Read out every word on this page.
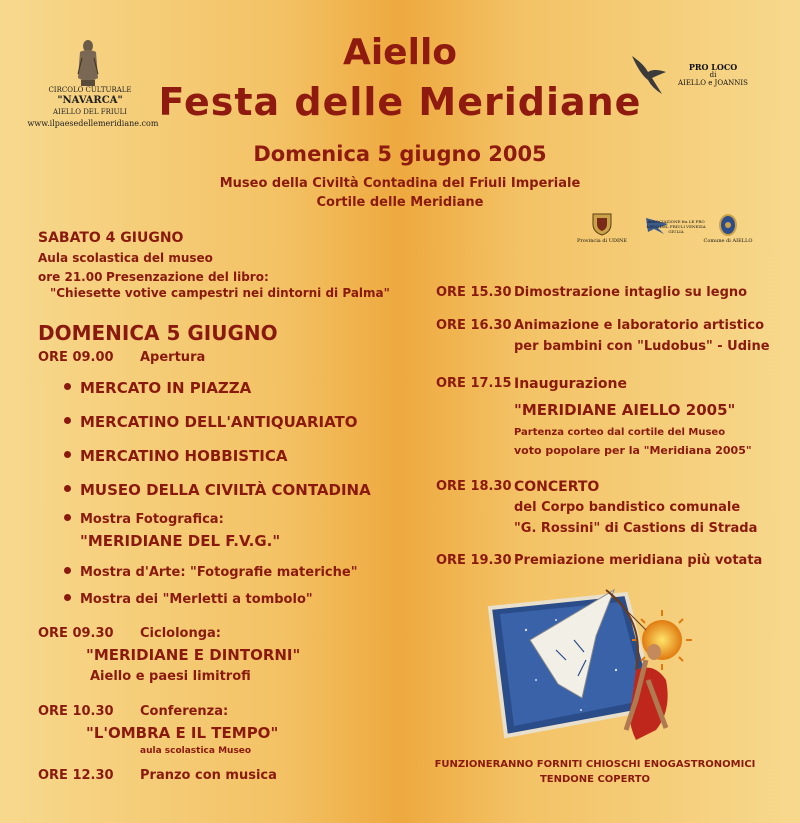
Aiello
Festa delle Meridiane
Domenica 5 giugno 2005
Museo della Civiltà Contadina del Friuli Imperiale
Cortile delle Meridiane
CIRCOLO CULTURALE
"NAVARCA"
AIELLO DEL FRIULI
www.ilpaesedellemeridiane.com
PRO LOCO
di
AIELLO e JOANNIS
Provincia di UDINE
ASSOCIAZIONE fra LE PRO LOCO DEL FRIULI VENEZIA GIULIA
Comune di AIELLO
SABATO 4 GIUGNO
Aula scolastica del museo
ore 21.00 Presenzazione del libro:
"Chiesette votive campestri nei dintorni di Palma"
DOMENICA 5 GIUGNO
ORE 09.00 Apertura
MERCATO IN PIAZZA
MERCATINO DELL'ANTIQUARIATO
MERCATINO HOBBISTICA
MUSEO DELLA CIVILTÀ CONTADINA
Mostra Fotografica:
"MERIDIANE DEL F.V.G."
Mostra d'Arte: "Fotografie materiche"
Mostra dei "Merletti a tombolo"
ORE 09.30 Ciclolonga:
"MERIDIANE E DINTORNI"
Aiello e paesi limitrofi
ORE 10.30 Conferenza:
"L'OMBRA E IL TEMPO"
aula scolastica Museo
ORE 12.30 Pranzo con musica
ORE 15.30 Dimostrazione intaglio su legno
ORE 16.30 Animazione e laboratorio artistico
per bambini con "Ludobus" - Udine
ORE 17.15 Inaugurazione
"MERIDIANE AIELLO 2005"
Partenza corteo dal cortile del Museo
voto popolare per la "Meridiana 2005"
ORE 18.30 CONCERTO
del Corpo bandistico comunale
"G. Rossini" di Castions di Strada
ORE 19.30 Premiazione meridiana più votata
FUNZIONERANNO FORNITI CHIOSCHI ENOGASTRONOMICI
TENDONE COPERTO
